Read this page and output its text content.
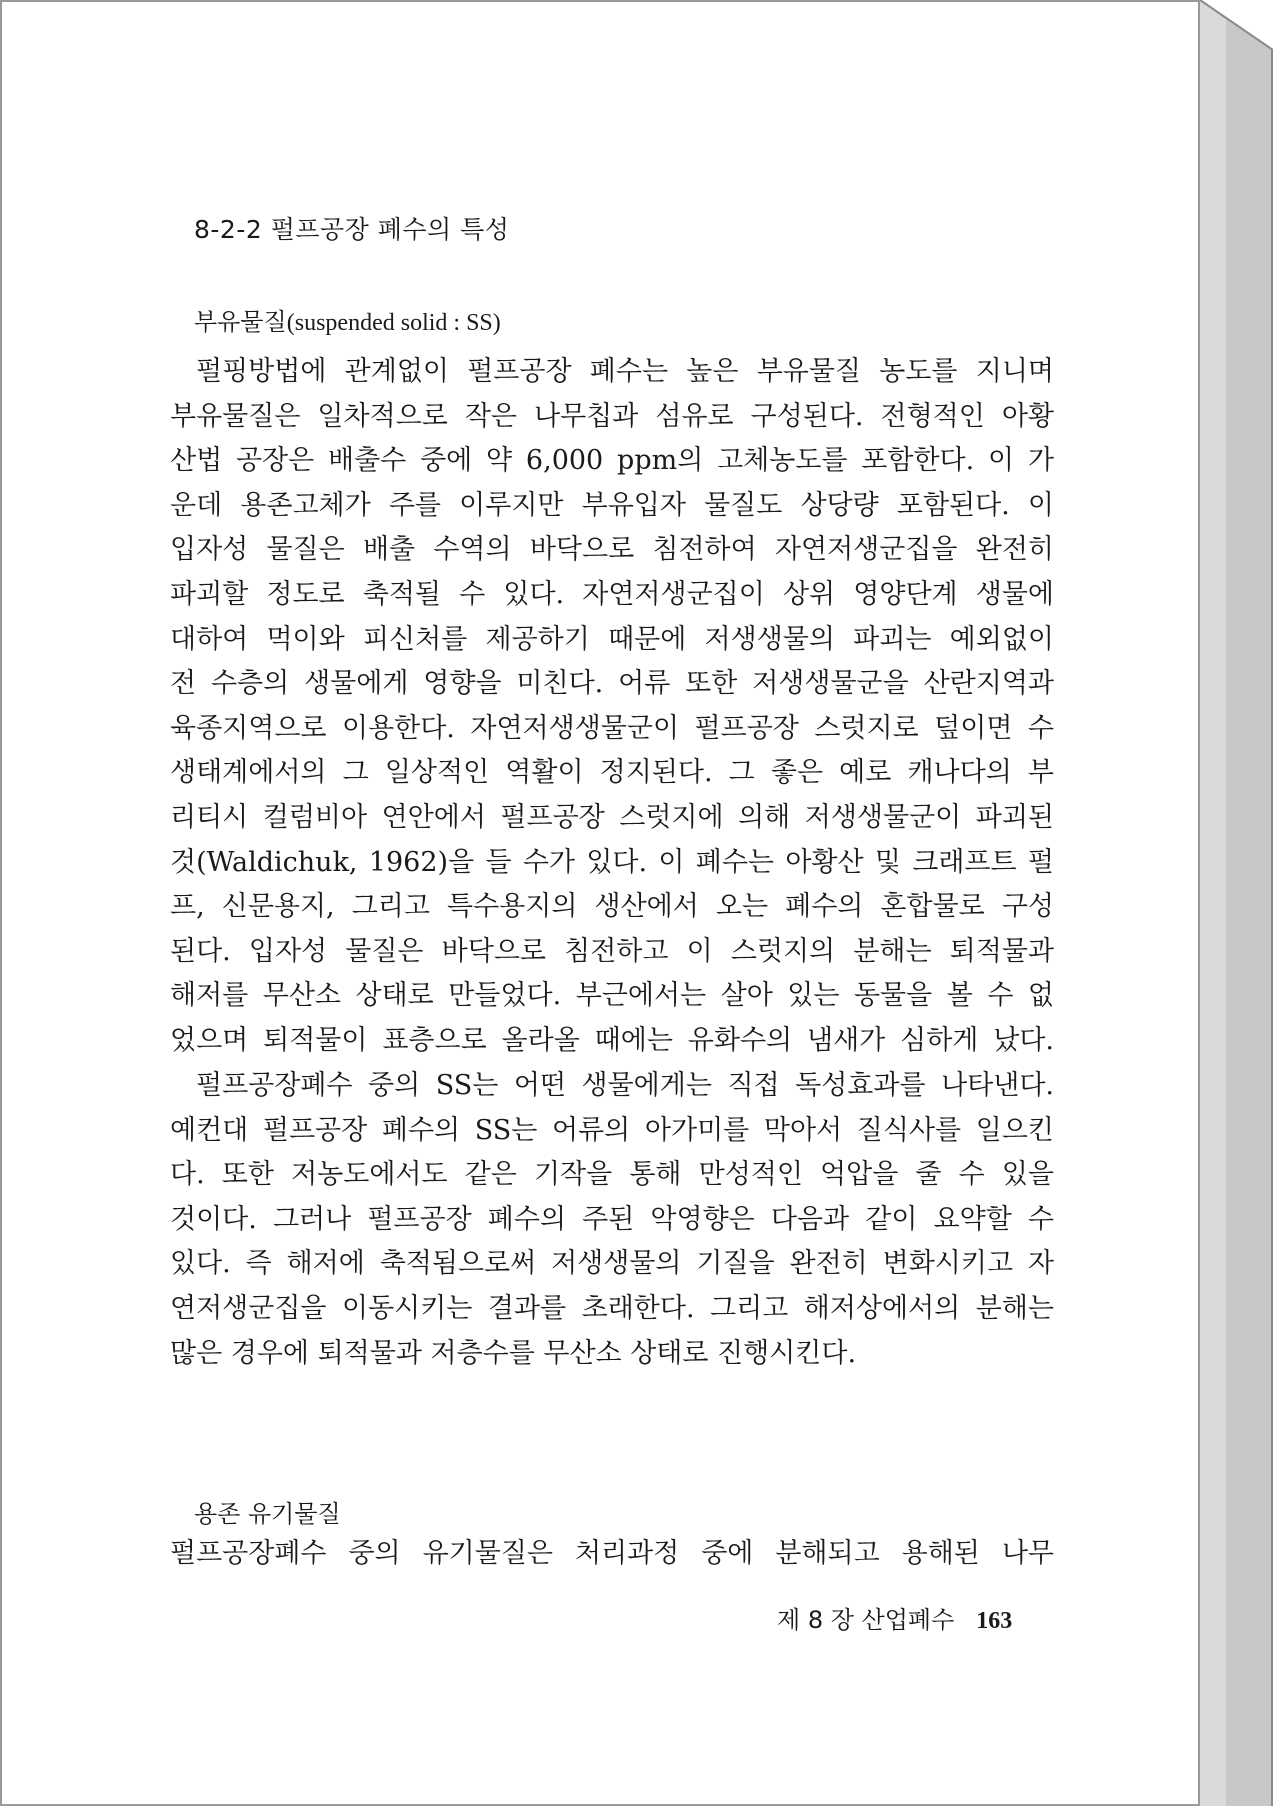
8-2-2 펄프공장 폐수의 특성
부유물질(suspended solid : SS)
펄핑방법에 관계없이 펄프공장 폐수는 높은 부유물질 농도를 지니며
부유물질은 일차적으로 작은 나무칩과 섬유로 구성된다. 전형적인 아황
산법 공장은 배출수 중에 약 6,000 ppm의 고체농도를 포함한다. 이 가
운데 용존고체가 주를 이루지만 부유입자 물질도 상당량 포함된다. 이
입자성 물질은 배출 수역의 바닥으로 침전하여 자연저생군집을 완전히
파괴할 정도로 축적될 수 있다. 자연저생군집이 상위 영양단계 생물에
대하여 먹이와 피신처를 제공하기 때문에 저생생물의 파괴는 예외없이
전 수층의 생물에게 영향을 미친다. 어류 또한 저생생물군을 산란지역과
육종지역으로 이용한다. 자연저생생물군이 펄프공장 스럿지로 덮이면 수
생태계에서의 그 일상적인 역활이 정지된다. 그 좋은 예로 캐나다의 부
리티시 컬럼비아 연안에서 펄프공장 스럿지에 의해 저생생물군이 파괴된
것(Waldichuk, 1962)을 들 수가 있다. 이 폐수는 아황산 및 크래프트 펄
프, 신문용지, 그리고 특수용지의 생산에서 오는 폐수의 혼합물로 구성
된다. 입자성 물질은 바닥으로 침전하고 이 스럿지의 분해는 퇴적물과
해저를 무산소 상태로 만들었다. 부근에서는 살아 있는 동물을 볼 수 없
었으며 퇴적물이 표층으로 올라올 때에는 유화수의 냄새가 심하게 났다.
펄프공장폐수 중의 SS는 어떤 생물에게는 직접 독성효과를 나타낸다.
예컨대 펄프공장 폐수의 SS는 어류의 아가미를 막아서 질식사를 일으킨
다. 또한 저농도에서도 같은 기작을 통해 만성적인 억압을 줄 수 있을
것이다. 그러나 펄프공장 폐수의 주된 악영향은 다음과 같이 요약할 수
있다. 즉 해저에 축적됨으로써 저생생물의 기질을 완전히 변화시키고 자
연저생군집을 이동시키는 결과를 초래한다. 그리고 해저상에서의 분해는
많은 경우에 퇴적물과 저층수를 무산소 상태로 진행시킨다.
용존 유기물질
펄프공장폐수 중의 유기물질은 처리과정 중에 분해되고 용해된 나무
제 8 장 산업폐수 163
